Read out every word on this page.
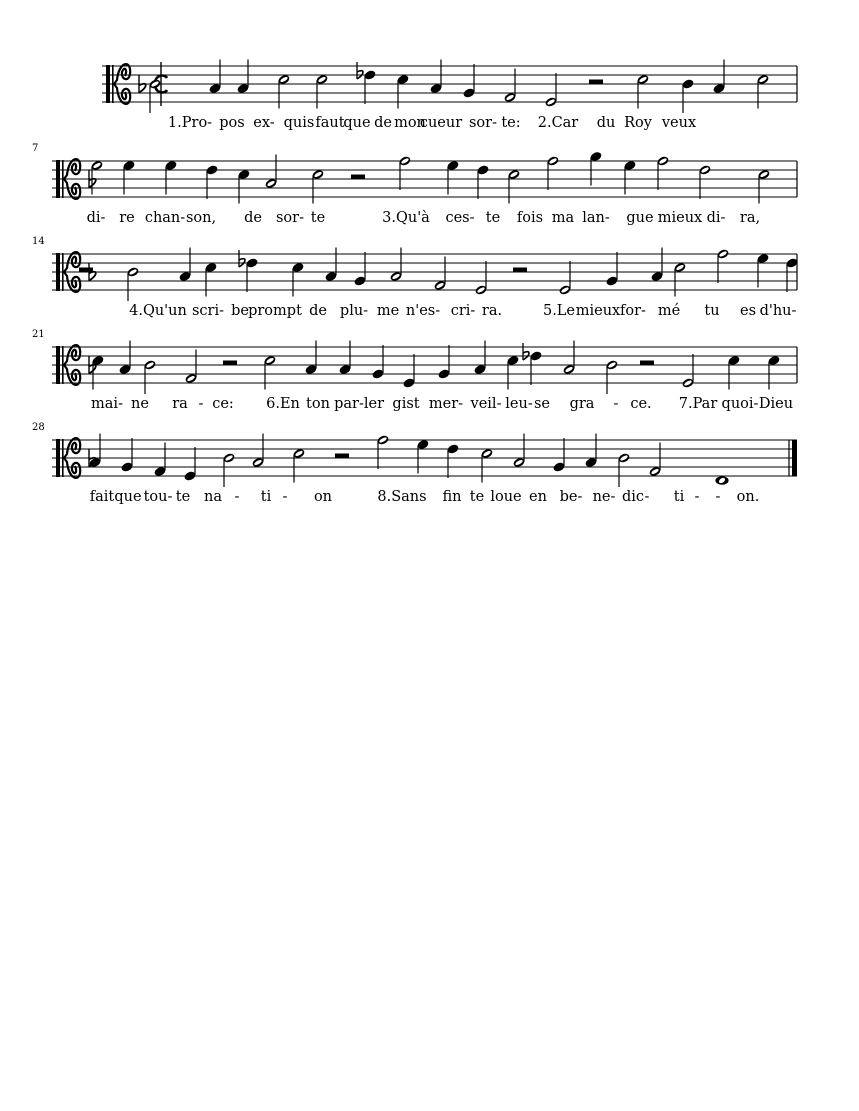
1.Pro- pos ex- quis faut
que de mon
cueur sor- te: 2.Car du Roy veux
7
di- re chan- son, de sor- te	3.Qu'à ces- te fois ma lan- gue mieux di- ra,
14
4.Qu'un scri- be prompt de plu- me n'es- cri- ra.	5.Le mieux for- mé tu es d'hu-
21
mai- ne ra - ce: 6.En ton par- ler gist mer- veil- leu- se gra - ce. 7.Par quoi- Dieu
28
fait que tou- te na - ti - on	8.Sans fin te loue en be- ne- dic - ti - - on.
